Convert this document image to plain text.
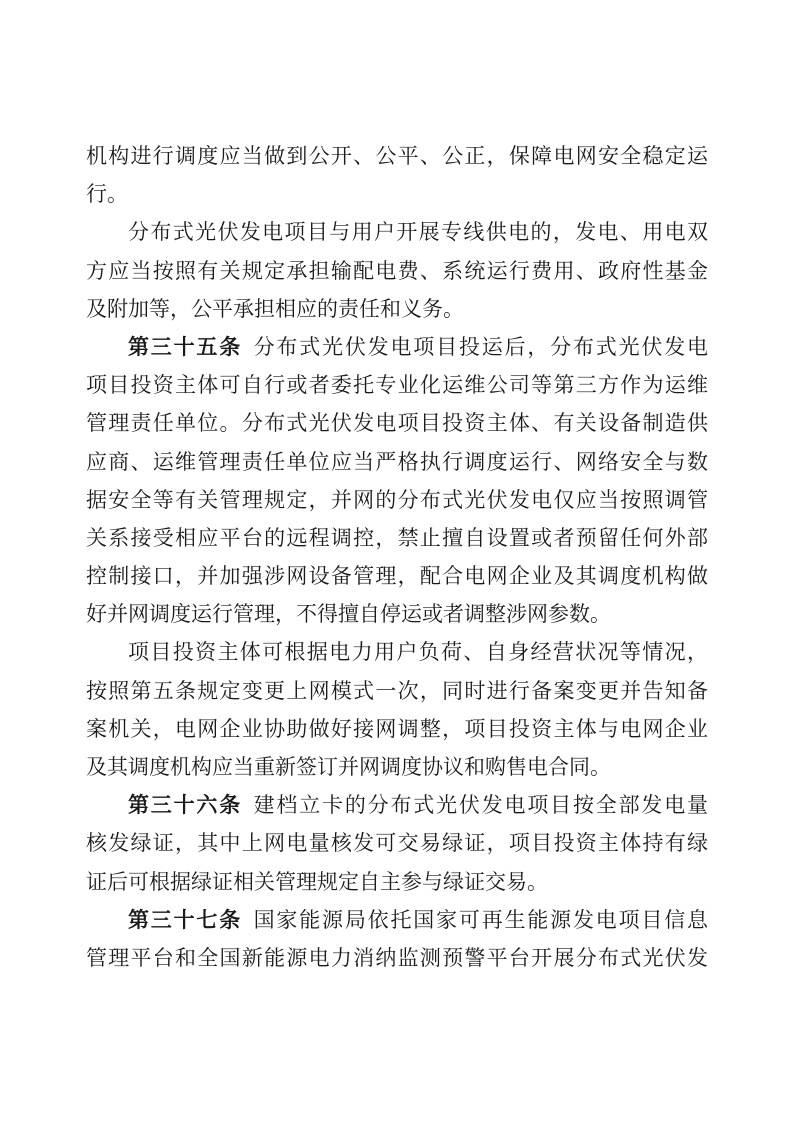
机构进行调度应当做到公开、公平、公正，保障电网安全稳定运
行。
分布式光伏发电项目与用户开展专线供电的，发电、用电双
方应当按照有关规定承担输配电费、系统运行费用、政府性基金
及附加等，公平承担相应的责任和义务。
第三十五条 分布式光伏发电项目投运后，分布式光伏发电
项目投资主体可自行或者委托专业化运维公司等第三方作为运维
管理责任单位。分布式光伏发电项目投资主体、有关设备制造供
应商、运维管理责任单位应当严格执行调度运行、网络安全与数
据安全等有关管理规定，并网的分布式光伏发电仅应当按照调管
关系接受相应平台的远程调控，禁止擅自设置或者预留任何外部
控制接口，并加强涉网设备管理，配合电网企业及其调度机构做
好并网调度运行管理，不得擅自停运或者调整涉网参数。
项目投资主体可根据电力用户负荷、自身经营状况等情况，
按照第五条规定变更上网模式一次，同时进行备案变更并告知备
案机关，电网企业协助做好接网调整，项目投资主体与电网企业
及其调度机构应当重新签订并网调度协议和购售电合同。
第三十六条 建档立卡的分布式光伏发电项目按全部发电量
核发绿证，其中上网电量核发可交易绿证，项目投资主体持有绿
证后可根据绿证相关管理规定自主参与绿证交易。
第三十七条 国家能源局依托国家可再生能源发电项目信息
管理平台和全国新能源电力消纳监测预警平台开展分布式光伏发
